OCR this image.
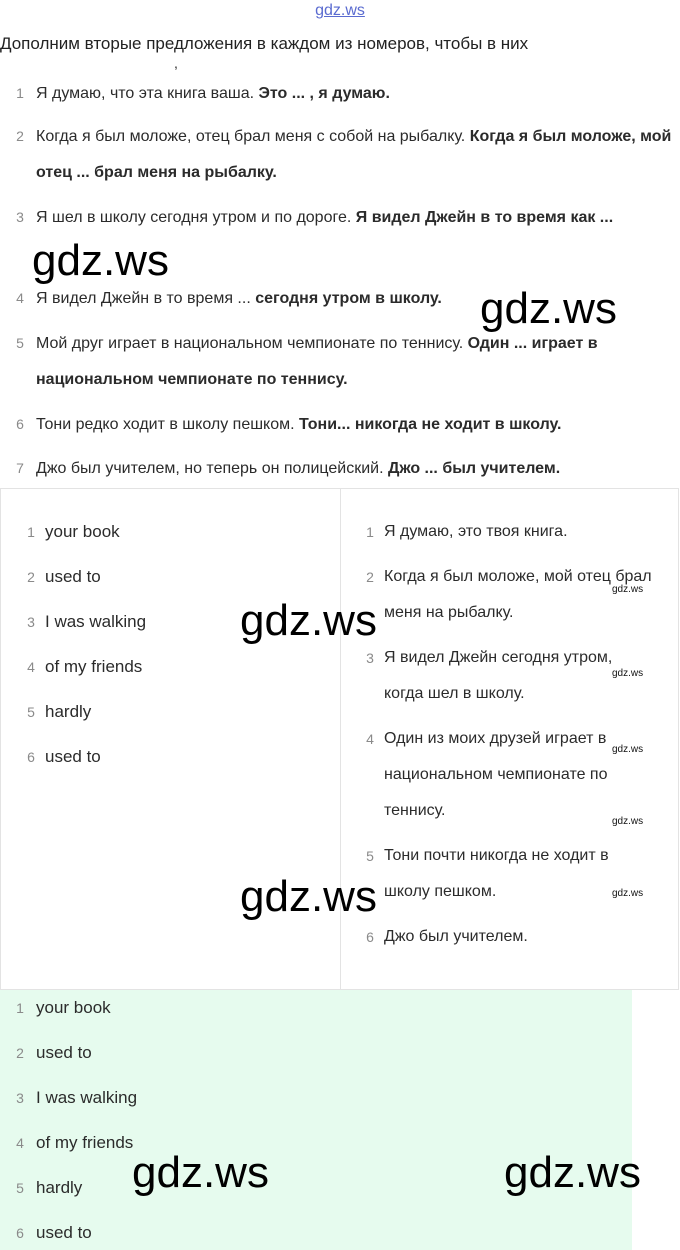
gdz.ws
Дополним вторые предложения в каждом из номеров, чтобы в них
,
1 Я думаю, что эта книга ваша. Это ... , я думаю.
2 Когда я был моложе, отец брал меня с собой на рыбалку. Когда я был моложе, мой отец ... брал меня на рыбалку.
3 Я шел в школу сегодня утром и по дороге. Я видел Джейн в то время как ...
4 Я видел Джейн в то время ... сегодня утром в школу.
5 Мой друг играет в национальном чемпионате по теннису. Один ... играет в национальном чемпионате по теннису.
6 Тони редко ходит в школу пешком. Тони... никогда не ходит в школу.
7 Джо был учителем, но теперь он полицейский. Джо ... был учителем.
1 your book
2 used to
3 I was walking
4 of my friends
5 hardly
6 used to
1 Я думаю, это твоя книга.
2 Когда я был моложе, мой отец брал меня на рыбалку.
3 Я видел Джейн сегодня утром, когда шел в школу.
4 Один из моих друзей играет в национальном чемпионате по теннису.
5 Тони почти никогда не ходит в школу пешком.
6 Джо был учителем.
1 your book
2 used to
3 I was walking
4 of my friends
5 hardly
6 used to
gdz.ws
gdz.ws
gdz.ws
gdz.ws
gdz.ws	gdz.ws
gdz.ws
gdz.ws
gdz.ws
gdz.ws
gdz.ws
